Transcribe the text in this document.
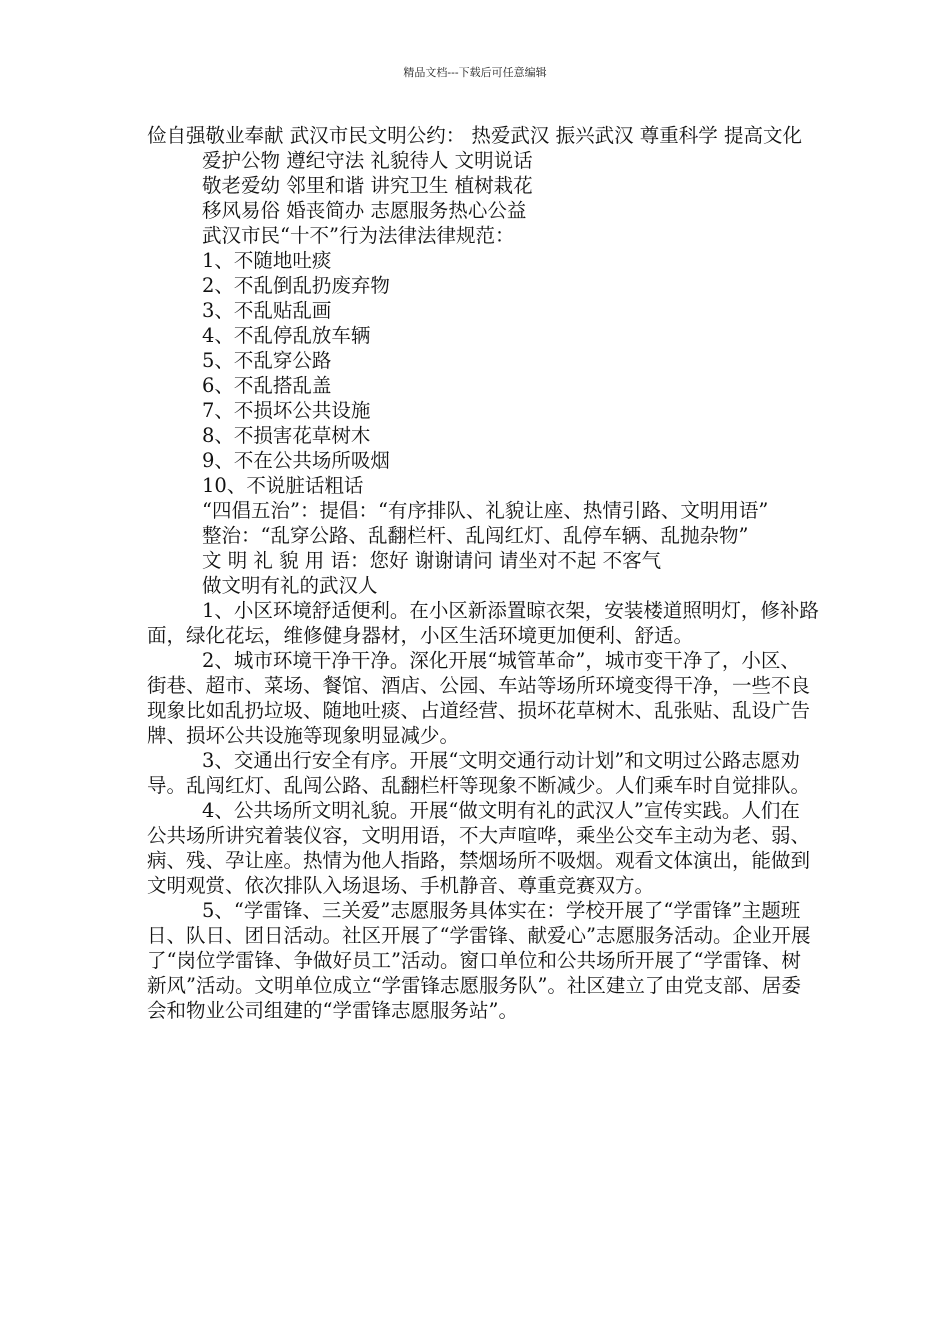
精品文档---下载后可任意编辑

俭自强敬业奉献 武汉市民文明公约： 热爱武汉 振兴武汉 尊重科学 提高文化

爱护公物 遵纪守法 礼貌待人 文明说话

敬老爱幼 邻里和谐 讲究卫生 植树栽花

移风易俗 婚丧简办 志愿服务热心公益

武汉市民“十不”行为法律法律规范：

1、不随地吐痰

2、不乱倒乱扔废弃物

3、不乱贴乱画

4、不乱停乱放车辆

5、不乱穿公路

6、不乱搭乱盖

7、不损坏公共设施

8、不损害花草树木

9、不在公共场所吸烟

10、不说脏话粗话

“四倡五治”：提倡：“有序排队、礼貌让座、热情引路、文明用语”

整治：“乱穿公路、乱翻栏杆、乱闯红灯、乱停车辆、乱抛杂物”

文 明 礼 貌 用 语：您好 谢谢请问 请坐对不起 不客气

做文明有礼的武汉人

1、小区环境舒适便利。在小区新添置晾衣架，安装楼道照明灯，修补路面，绿化花坛，维修健身器材，小区生活环境更加便利、舒适。

2、城市环境干净干净。深化开展“城管革命”，城市变干净了，小区、街巷、超市、菜场、餐馆、酒店、公园、车站等场所环境变得干净，一些不良现象比如乱扔垃圾、随地吐痰、占道经营、损坏花草树木、乱张贴、乱设广告牌、损坏公共设施等现象明显减少。

3、交通出行安全有序。开展“文明交通行动计划”和文明过公路志愿劝导。乱闯红灯、乱闯公路、乱翻栏杆等现象不断减少。人们乘车时自觉排队。

4、公共场所文明礼貌。开展“做文明有礼的武汉人”宣传实践。人们在公共场所讲究着装仪容，文明用语，不大声喧哗，乘坐公交车主动为老、弱、病、残、孕让座。热情为他人指路，禁烟场所不吸烟。观看文体演出，能做到文明观赏、依次排队入场退场、手机静音、尊重竞赛双方。

5、“学雷锋、三关爱”志愿服务具体实在：学校开展了“学雷锋”主题班日、队日、团日活动。社区开展了“学雷锋、献爱心”志愿服务活动。企业开展了“岗位学雷锋、争做好员工”活动。窗口单位和公共场所开展了“学雷锋、树新风”活动。文明单位成立“学雷锋志愿服务队”。社区建立了由党支部、居委会和物业公司组建的“学雷锋志愿服务站”。
